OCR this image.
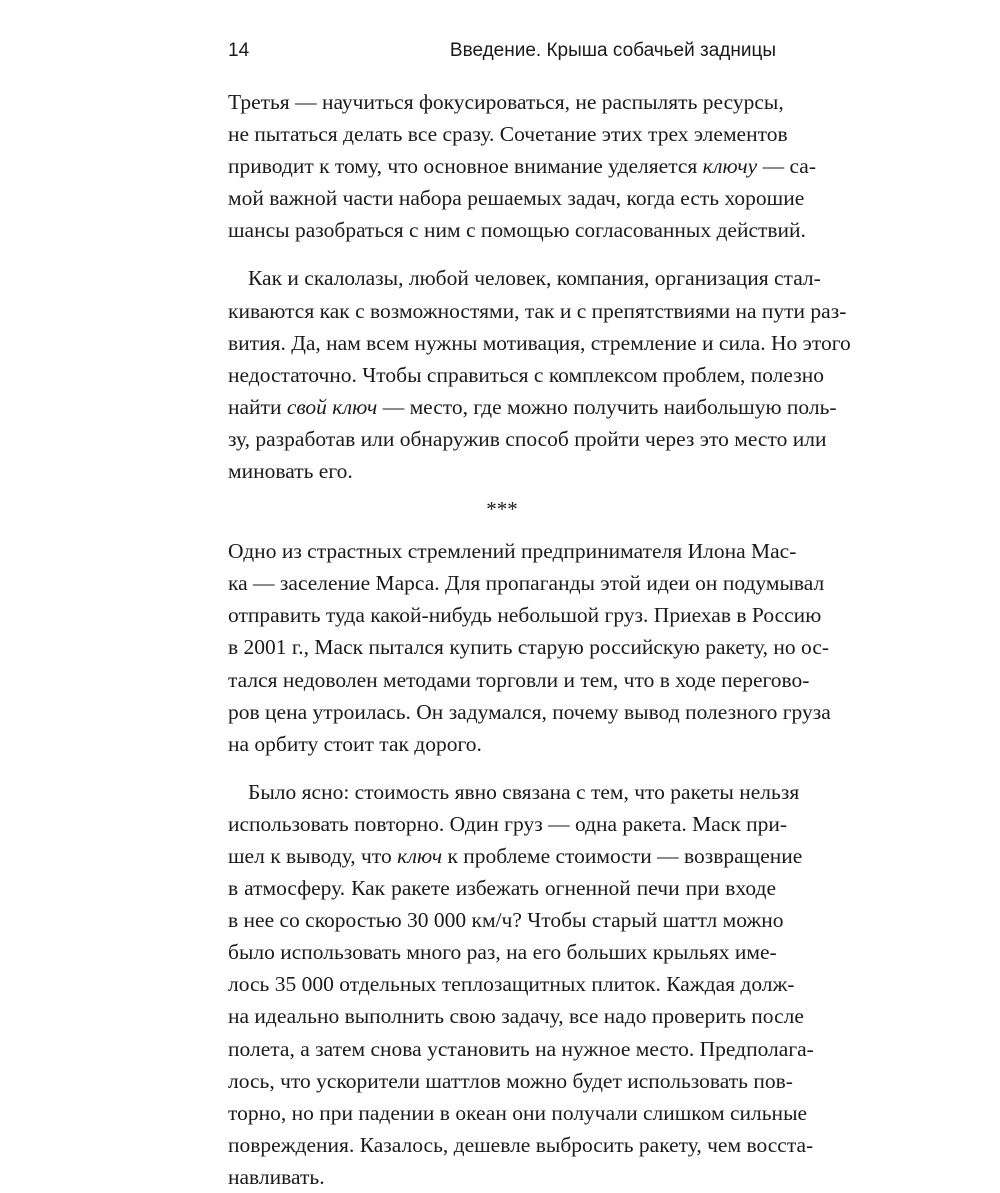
14	Введение. Крыша собачьей задницы
Третья — научиться фокусироваться, не распылять ресурсы,
не пытаться делать все сразу. Сочетание этих трех элементов
приводит к тому, что основное внимание уделяется ключу — са-
мой важной части набора решаемых задач, когда есть хорошие
шансы разобраться с ним с помощью согласованных действий.
Как и скалолазы, любой человек, компания, организация стал-
киваются как с возможностями, так и с препятствиями на пути раз-
вития. Да, нам всем нужны мотивация, стремление и сила. Но этого
недостаточно. Чтобы справиться с комплексом проблем, полезно
найти свой ключ — место, где можно получить наибольшую поль-
зу, разработав или обнаружив способ пройти через это место или
миновать его.
***
Одно из страстных стремлений предпринимателя Илона Мас-
ка — заселение Марса. Для пропаганды этой идеи он подумывал
отправить туда какой-нибудь небольшой груз. Приехав в Россию
в 2001 г., Маск пытался купить старую российскую ракету, но ос-
тался недоволен методами торговли и тем, что в ходе перегово-
ров цена утроилась. Он задумался, почему вывод полезного груза
на орбиту стоит так дорого.
Было ясно: стоимость явно связана с тем, что ракеты нельзя
использовать повторно. Один груз — одна ракета. Маск при-
шел к выводу, что ключ к проблеме стоимости — возвращение
в атмосферу. Как ракете избежать огненной печи при входе
в нее со скоростью 30 000 км/ч? Чтобы старый шаттл можно
было использовать много раз, на его больших крыльях име-
лось 35 000 отдельных теплозащитных плиток. Каждая долж-
на идеально выполнить свою задачу, все надо проверить после
полета, а затем снова установить на нужное место. Предполага-
лось, что ускорители шаттлов можно будет использовать пов-
торно, но при падении в океан они получали слишком сильные
повреждения. Казалось, дешевле выбросить ракету, чем восста-
навливать.
